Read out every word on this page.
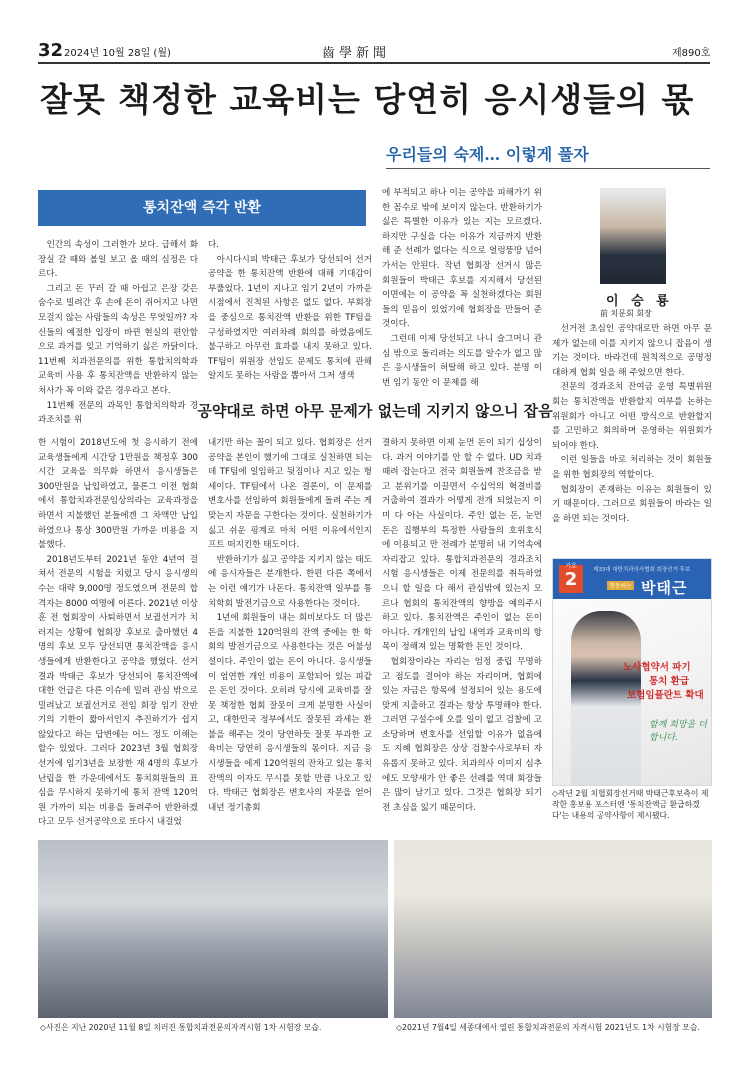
32 2024년 10월 28일 (월)	齒學新聞	제890호
잘못 책정한 교육비는 당연히 응시생들의 몫
우리들의 숙제… 이렇게 풀자
통치잔액 즉각 반환

인간의 속성이 그러한가 보다. 급해서 화장실 갈 때와 볼일 보고 올 때의 심정은 다르다.

그리고 돈 꾸러 갈 때 아쉽고 은장 갖은 숨수로 빌려간 후 손에 돈이 쥐어지고 나면 모걸지 않는 사람들의 속성은 무엇일까? 자신들의 예절한 입장이 바뀐 현실의 편안함으로 과거를 잊고 기억하기 싫은 까닭이다. 11번째 치과전문의를 위한 통합치의학과 교육비 사용 후 통치잔액을 반환하지 않는 처사가 꼭 이와 같은 경우라고 본다.

11번째 전문의 과목인 통합치의학과 경과조치를 위

다.

아시다시피 박태근 후보가 당선되어 선거 공약을 한 통치잔액 반환에 대해 기대감이 부풀었다. 1년이 지나고 임기 2년이 가까운 시점에서 진척된 사항은 없도 없다. 부회장을 중심으로 통치잔액 반환을 위한 TF팀을 구성하였지만 여러차례 회의를 하였음에도 불구하고 아무런 효과를 내지 못하고 있다. TF팀이 위원장 선임도 문제도 통치에 관해 알지도 못하는 사람을 뽑아서 그저 생색

에 부적되고 하나 이는 공약을 피해가기 위한 꼼수로 밖에 보이지 않는다. 반환하기가 싫은 특별한 이유가 있는 지는 모르겠다. 하지만 구실을 다는 이유가 지금까지 반환해 준 선례가 없다는 식으로 얼렁뚱땅 넘어가서는 안된다. 작년 협회장 선거시 많은 회원들이 박태근 후보를 지지해서 당선된 이면에는 이 공약을 꼭 실천하겠다는 회원들의 믿음이 있었기에 협회장을 만들어 준 것이다.

그런데 이제 당선되고 나니 슬그머니 관심 밖으로 돌리려는 의도를 알수가 없고 많은 응시생들이 허탈해 하고 있다. 분명 이번 임기 동안 이 문제를 해

이 승 룡
前 치문회 회장

선거전 초심인 공약대로만 하면 아무 문제가 없는데 이를 지키지 않으니 잡음이 생기는 것이다. 바라건데 원칙적으로 공명정대하게 협회 일을 해 주었으면 한다.

전문의 경과조치 잔여금 운영 특별위원회는 통치잔액을 반환할지 여부를 논하는 위원회가 아니고 어떤 방식으로 반환할지를 고민하고 회의하며 운영하는 위원회가 되어야 한다.

이런 일들을 바로 처리하는 것이 회원들을 위한 협회장의 역할이다.

협회장이 존재하는 이유는 회원들이 있기 때문이다. 그러므로 회원들이 바라는 일을 하면 되는 것이다.

공약대로 하면 아무 문제가 없는데 지키지 않으니 잡음

한 시험이 2018년도에 첫 응시하기 전에 교육생들에게 시간당 1만원을 책정후 300시간 교육을 의무화 하면서 응시생들은 300만원을 납입하였고, 물론그 이전 협회에서 통합치과전문임상의라는 교육과정을 하면서 지불했던 분들에겐 그 차액만 납입하였으나 통상 300만원 가까운 비용을 지불했다.

2018년도부터 2021년 동안 4년여 걸쳐서 전문의 시험을 치렀고 당시 응시생의 수는 대략 9,000명 정도였으며 전문의 합격자는 8000 여명에 이른다. 2021년 이상훈 전 협회장이 사퇴하면서 보궐선거가 치러지는 상황에 협회장 후보로 출마했던 4명의 후보 모두 당선되면 통치잔액을 응시생들에게 반환한다고 공약을 했었다. 선거결과 박태근 후보가 당선되어 통치잔액에 대한 언급은 다른 이슈에 밀려 관심 밖으로 밀려났고 보궐선거로 전임 회장 임기 잔반기의 기한이 짧아서인지 추진하기가 쉽지 않았다고 하는 답변에는 어느 정도 이해는 할수 있었다. 그러다 2023년 3월 협회장 선거에 임기3년을 보장한 재 4명의 후보가 난립을 한 가운데에서도 통치회원들의 표심을 무시하지 못하기에 통치 잔액 120억원 가까이 되는 비용을 돌려주어 반환하겠다고 모두 선거공약으로 또다시 내걸었

내기만 하는 꼴이 되고 있다. 협회장은 선거 공약을 본인이 했기에 그대로 실천하면 되는데 TF팀에 일임하고 뒷짐이나 지고 있는 형세이다. TF팀에서 나온 결론이, 이 문제를 변호사를 선임하여 회원들에게 돌려 주는 게 맞는지 자문을 구한다는 것이다. 실천하기가 싫고 쉬운 핑계로 마치 어떤 이유에서인지 프트 떠지킨한 태도이다.

반환하기가 싫고 공약을 지키지 않는 태도에 응시자들은 분개한다. 한편 다른 쪽에서는 이런 얘기가 나돈다. 통치잔액 일부를 통치학회 발전기금으로 사용한다는 것이다.

1년에 회원들이 내는 회비보다도 더 많은 돈을 지불한 120억원의 잔액 중에는 한 학회의 발전기금으로 사용한다는 것은 어불성설이다. 주인이 없는 돈이 아니다. 응시생들이 엄연한 개인 비용이 포함되어 있는 피같은 돈인 것이다. 오히려 당시에 교육비를 잘못 책정한 협회 잘못이 크게 분명한 사실이고, 대한민국 정부에서도 잘못된 과세는 환불을 해주는 것이 당연하듯 잘못 부과한 교육비는 당연히 응시생들의 몫이다. 지금 응시생들을 에게 120억원의 잔차고 있는 통치 잔액의 이자도 무시를 못할 만큼 나오고 있다. 박태근 협회장은 변호사의 자문을 얻어 내년 정기총회

결하지 못하면 이제 눈먼 돈이 되기 십상이다. 과거 이야기를 안 할 수 없다. UD 치과 때려 잡는다고 전국 회원들께 찬조금을 받고 분위기를 이끌면서 수십억의 혁결비를 거출하여 결과가 어떻게 전개 되었는지 이미 다 아는 사실이다. 주인 없는 돈, 눈먼 돈은 집행부의 특정한 사람들의 호위호식에 이용되고 만 전례가 분명히 내 기억속에 자리잡고 있다. 통합치과전문의 경과조치 시험 응시생들은 이제 전문의를 취득하였으니 할 일을 다 해서 관심밖에 있는지 모르나 협회의 통치잔액의 향방을 예의주시하고 있다. 통치잔액은 주인이 없는 돈이 아니다. 개개인의 납입 내역과 교육비의 항목이 정해져 있는 명확한 돈인 것이다.

협회장이라는 자리는 엄정 중립 무명하고 점도를 걸어야 하는 자리이며, 협회에 있는 자금은 항목에 설정되어 있는 용도에 맞게 지출하고 결과는 항상 투명해야 한다. 그러면 구설수에 오를 일이 없고 검찰에 고소당하며 변호사를 선임할 이유가 없음에도 지혜 협회장은 상상 검찰수사로부터 자유롭지 못하고 있다. 치과의사 이미지 심추에도 모양새가 안 좋은 선례를 역대 회장들은 많이 남기고 있다. 그것은 협회장 되기 전 초심을 잃기 때문이다.

2
기호	제33대 대한치과의사협회 회장선거 후보
행동하는 박태근
노사협약서 파기
통치 환급
보험임플란트 확대
함께 희망을 더 합니다.
◇작년 2월 치협회장선거때 박태근후보측이 제작한 홍보용 포스터엔 '통치잔액금 환급하겠다'는 내용의 공약사항이 제시됐다.
◇사진은 지난 2020년 11월 8일 치러진 통합치과전문의자격시험 1차 시험장 모습.	◇2021년 7월4일 세종대에서 열린 통합치과전문의 자격시험 2021년도 1차 시험장 모습.
